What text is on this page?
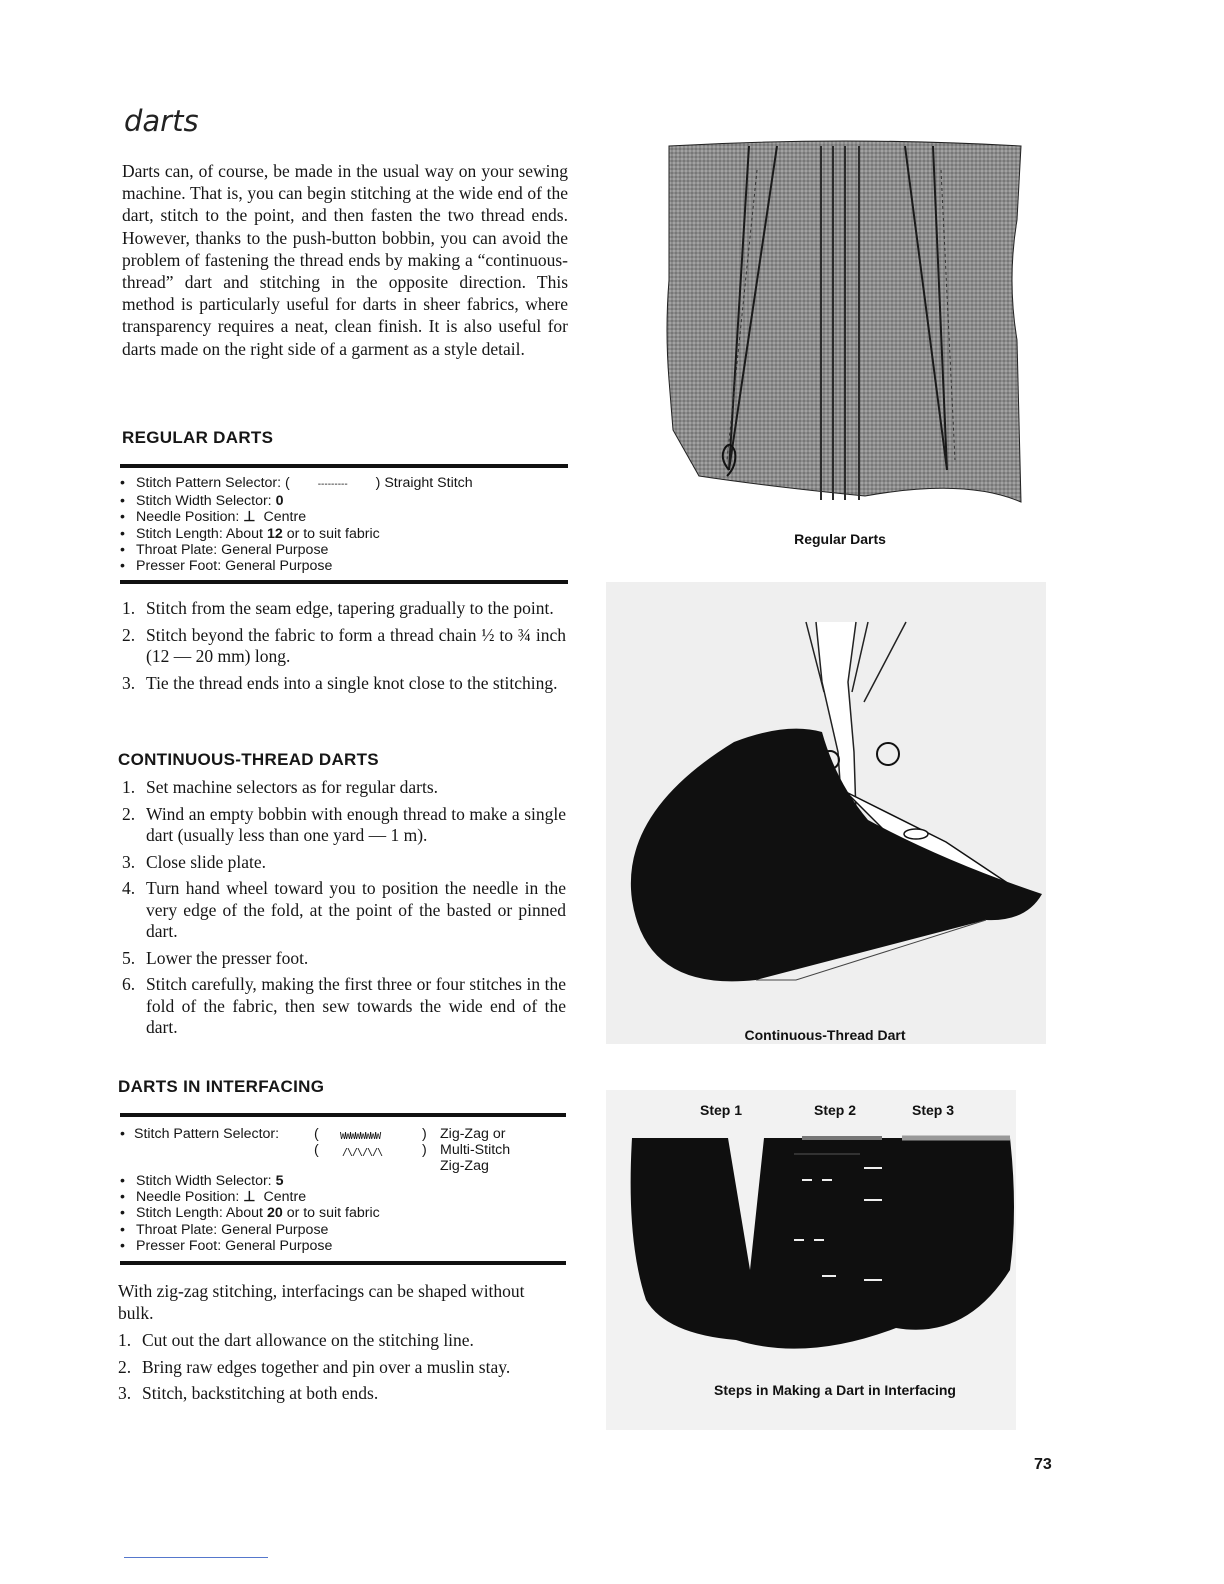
darts

Darts can, of course, be made in the usual way on your sewing machine. That is, you can begin stitching at the wide end of the dart, stitch to the point, and then fasten the two thread ends. However, thanks to the push-button bobbin, you can avoid the problem of fastening the thread ends by making a “continuous-thread” dart and stitching in the opposite direction. This method is particularly useful for darts in sheer fabrics, where transparency requires a neat, clean finish. It is also useful for darts made on the right side of a garment as a style detail.

REGULAR DARTS
• Stitch Pattern Selector: (	--------- ) Straight Stitch
• Stitch Width Selector: 0
• Needle Position: ⊥ Centre
• Stitch Length: About 12 or to suit fabric
• Throat Plate: General Purpose
• Presser Foot: General Purpose
1. Stitch from the seam edge, tapering gradually to the point.
2. Stitch beyond the fabric to form a thread chain ½ to ¾ inch (12 — 20 mm) long.
3. Tie the thread ends into a single knot close to the stitching.
CONTINUOUS-THREAD DARTS
1. Set machine selectors as for regular darts.
2. Wind an empty bobbin with enough thread to make a single dart (usually less than one yard — 1 m).
3. Close slide plate.
4. Turn hand wheel toward you to position the needle in the very edge of the fold, at the point of the basted or pinned dart.
5. Lower the presser foot.
6. Stitch carefully, making the first three or four stitches in the fold of the fabric, then sew towards the wide end of the dart.
DARTS IN INTERFACING
• Stitch Pattern Selector: (
(
WWWWWWWW
/\/\/\/\
)
)
Zig-Zag or
Multi-Stitch
Zig-Zag
• Stitch Width Selector: 5
• Needle Position: ⊥ Centre
• Stitch Length: About 20 or to suit fabric
• Throat Plate: General Purpose
• Presser Foot: General Purpose

With zig-zag stitching, interfacings can be shaped without bulk.

1. Cut out the dart allowance on the stitching line.
2. Bring raw edges together and pin over a muslin stay.
3. Stitch, backstitching at both ends.
Regular Darts
Continuous-Thread Dart
Step 1	Step 2	Step 3
Steps in Making a Dart in Interfacing
73
